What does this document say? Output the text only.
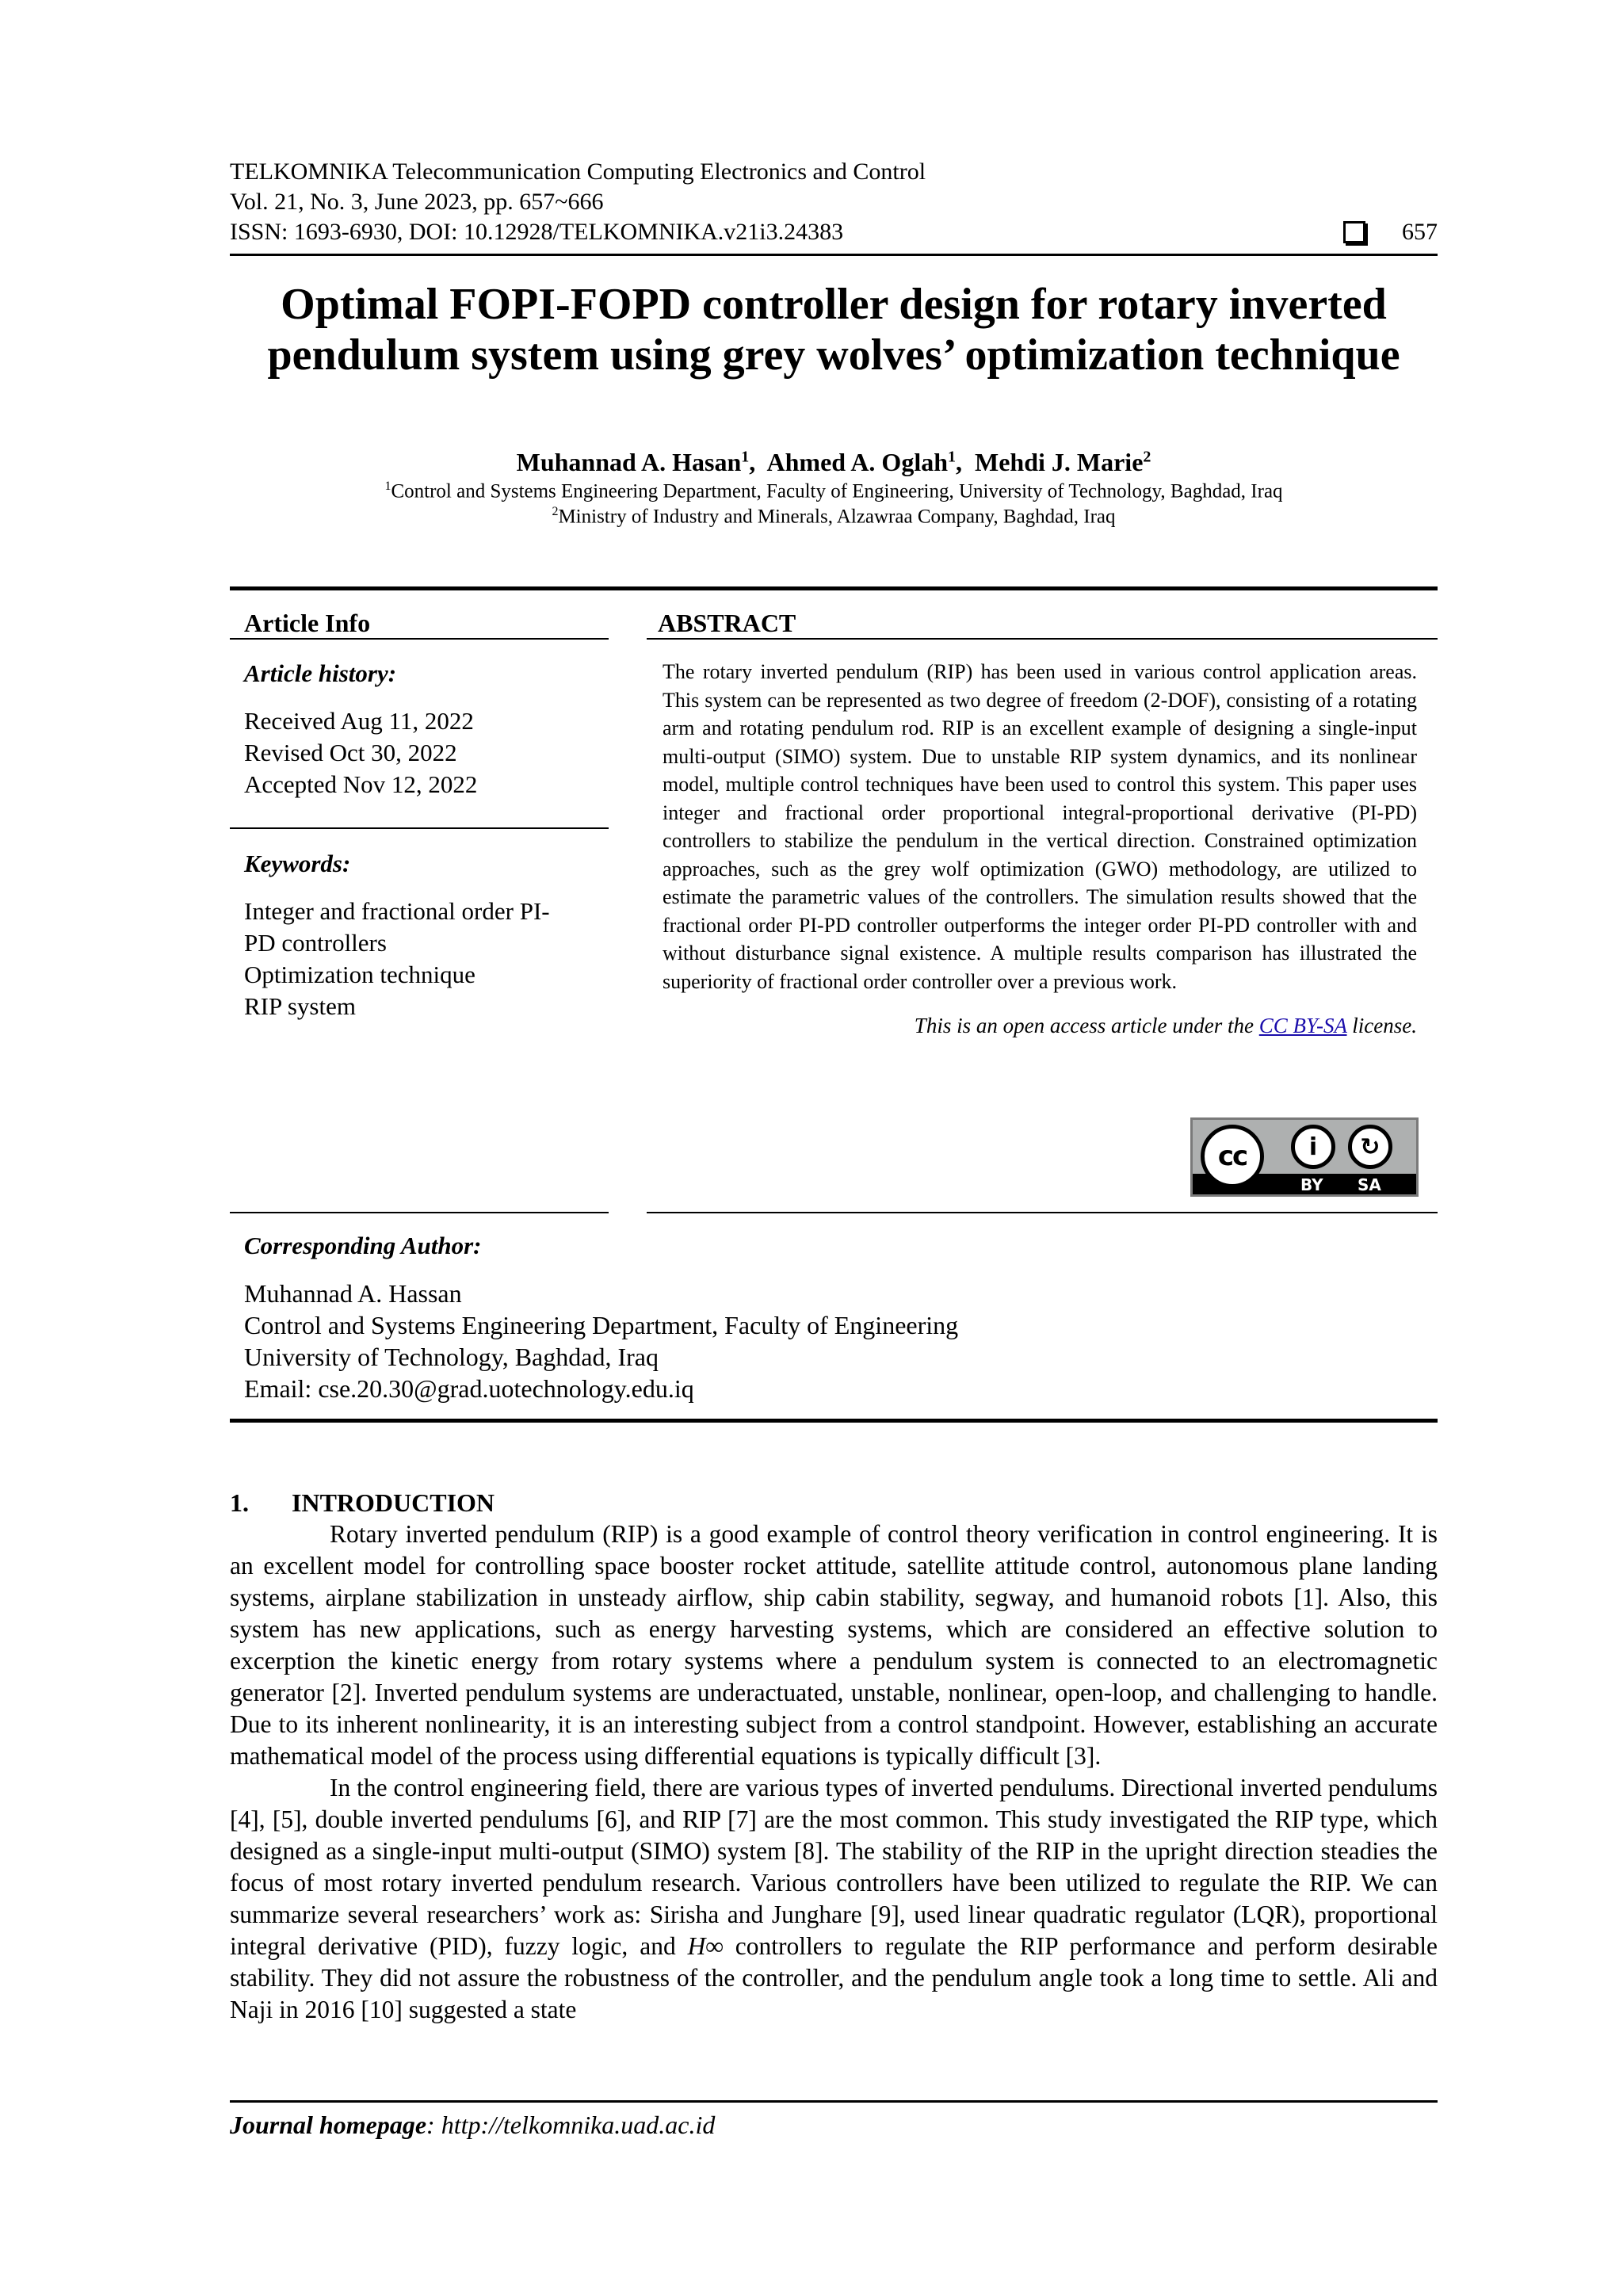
TELKOMNIKA Telecommunication Computing Electronics and Control
Vol. 21, No. 3, June 2023, pp. 657~666
ISSN: 1693-6930, DOI: 10.12928/TELKOMNIKA.v21i3.24383	657
Optimal FOPI-FOPD controller design for rotary inverted
pendulum system using grey wolves’ optimization technique
Muhannad A. Hasan$^1$,  Ahmed A. Oglah$^1$,  Mehdi J. Marie$^2$
$^1$Control and Systems Engineering Department, Faculty of Engineering, University of Technology, Baghdad, Iraq
$^2$Ministry of Industry and Minerals, Alzawraa Company, Baghdad, Iraq
Article Info
Article history:
Received Aug 11, 2022
Revised Oct 30, 2022
Accepted Nov 12, 2022
Keywords:
Integer and fractional order PI-
PD controllers
Optimization technique
RIP system
ABSTRACT
The rotary inverted pendulum (RIP) has been used in various control application areas. This system can be represented as two degree of freedom (2-DOF), consisting of a rotating arm and rotating pendulum rod. RIP is an excellent example of designing a single-input multi-output (SIMO) system. Due to unstable RIP system dynamics, and its nonlinear model, multiple control techniques have been used to control this system. This paper uses integer and fractional order proportional integral-proportional derivative (PI-PD) controllers to stabilize the pendulum in the vertical direction. Constrained optimization approaches, such as the grey wolf optimization (GWO) methodology, are utilized to estimate the parametric values of the controllers. The simulation results showed that the fractional order PI-PD controller outperforms the integer order PI-PD controller with and without disturbance signal existence. A multiple results comparison has illustrated the superiority of fractional order controller over a previous work.
This is an open access article under the CC BY-SA license.
cc	i	↻
BY SA
Corresponding Author:
Muhannad A. Hassan
Control and Systems Engineering Department, Faculty of Engineering
University of Technology, Baghdad, Iraq
Email: cse.20.30@grad.uotechnology.edu.iq
1. INTRODUCTION

Rotary inverted pendulum (RIP) is a good example of control theory verification in control engineering. It is an excellent model for controlling space booster rocket attitude, satellite attitude control, autonomous plane landing systems, airplane stabilization in unsteady airflow, ship cabin stability, segway, and humanoid robots [1]. Also, this system has new applications, such as energy harvesting systems, which are considered an effective solution to excerption the kinetic energy from rotary systems where a pendulum system is connected to an electromagnetic generator [2]. Inverted pendulum systems are underactuated, unstable, nonlinear, open-loop, and challenging to handle. Due to its inherent nonlinearity, it is an interesting subject from a control standpoint. However, establishing an accurate mathematical model of the process using differential equations is typically difficult [3].

In the control engineering field, there are various types of inverted pendulums. Directional inverted pendulums [4], [5], double inverted pendulums [6], and RIP [7] are the most common. This study investigated the RIP type, which designed as a single-input multi-output (SIMO) system [8]. The stability of the RIP in the upright direction steadies the focus of most rotary inverted pendulum research. Various controllers have been utilized to regulate the RIP. We can summarize several researchers’ work as: Sirisha and Junghare [9], used linear quadratic regulator (LQR), proportional integral derivative (PID), fuzzy logic, and H∞ controllers to regulate the RIP performance and perform desirable stability. They did not assure the robustness of the controller, and the pendulum angle took a long time to settle. Ali and Naji in 2016 [10] suggested a state

Journal homepage: http://telkomnika.uad.ac.id
